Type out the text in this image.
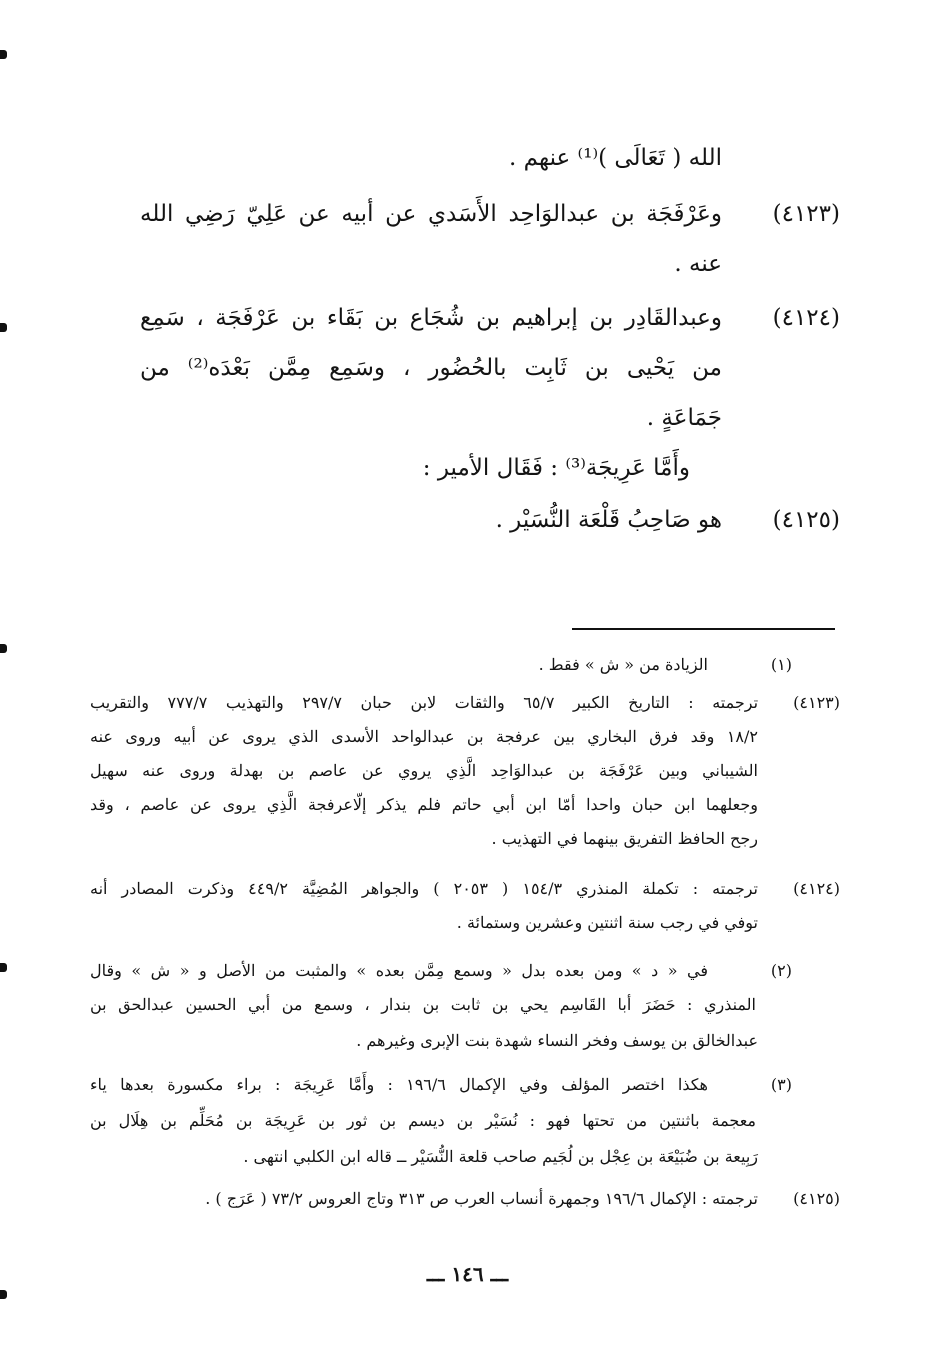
الله ( تَعَالَى )⁽¹⁾ عنهم .
(٤١٢٣)
وعَرْفَجَة بن عبدالوَاحِد الأَسَدي عن أبيه عن عَلِيّ رَضِي الله
عنه .
(٤١٢٤)
وعبدالقَادِر بن إبراهيم بن شُجَاع بن بَقَاء بن عَرْفَجَة ، سَمِع
من يَحْيى بن ثَابِت بالحُضُور ، وسَمِع مِمَّن بَعْدَه⁽²⁾ من
جَمَاعَةٍ .
وأَمَّا عَرِيجَة⁽³⁾ : فَقَال الأمير :
(٤١٢٥)
هو صَاحِبُ قَلْعَة النُّسَيْر .
(١)
الزيادة من « ش » فقط .
(٤١٢٣)
ترجمته : التاريخ الكبير ٦٥/٧ والثقات لابن حبان ٢٩٧/٧ والتهذيب ٧٧٧/٧ والتقريب
١٨/٢ وقد فرق البخاري بين عرفجة بن عبدالواحد الأسدى الذي يروى عن أبيه وروى عنه
الشيباني وبين عَرْفَجَة بن عبدالوَاحِد الَّذِي يروي عن عاصم بن بهدلة وروى عنه سهيل
وجعلهما ابن حبان واحدا أمّا ابن أبي حاتم فلم يذكر إلّاعرفجة الَّذِي يروى عن عاصم ، وقد
رجح الحافظ التفريق بينهما في التهذيب .
(٤١٢٤)
ترجمته : تكملة المنذري ١٥٤/٣ ( ٢٠٥٣ ) والجواهر المُضِيَّة ٤٤٩/٢ وذكرت المصادر أنه
توفي في رجب سنة اثنتين وعشرين وستمائة .
(٢)
في « د » ومن بعده بدل « وسمع مِمَّن بعده » والمثبت من الأصل و « ش » وقال
المنذري : حَضَرَ أبا القَاسِم يحي بن ثابت بن بندار ، وسمع من أبي الحسين عبدالحق بن
عبدالخالق بن يوسف وفخر النساء شهدة بنت الإبرى وغيرهم .
(٣)
هكذا اختصر المؤلف وفي الإكمال ١٩٦/٦ : وأَمَّا عَرِيجَة : براء مكسورة بعدها ياء
معجمة باثنتين من تحتها فهو : نُسَيْر بن ديسم بن ثور بن عَرِيجَة بن مُحَلِّم بن هِلَال بن
رَبِيعة بن ضُبَيْعَة بن عِجْل بن لُجَيم صاحب قلعة النُّسَيْر ــ قاله ابن الكلبي انتهى .
(٤١٢٥)
ترجمته : الإكمال ١٩٦/٦ وجمهرة أنساب العرب ص ٣١٣ وتاج العروس ٧٣/٢ ( عَرَج ) .
ـــ ١٤٦ ـــ
